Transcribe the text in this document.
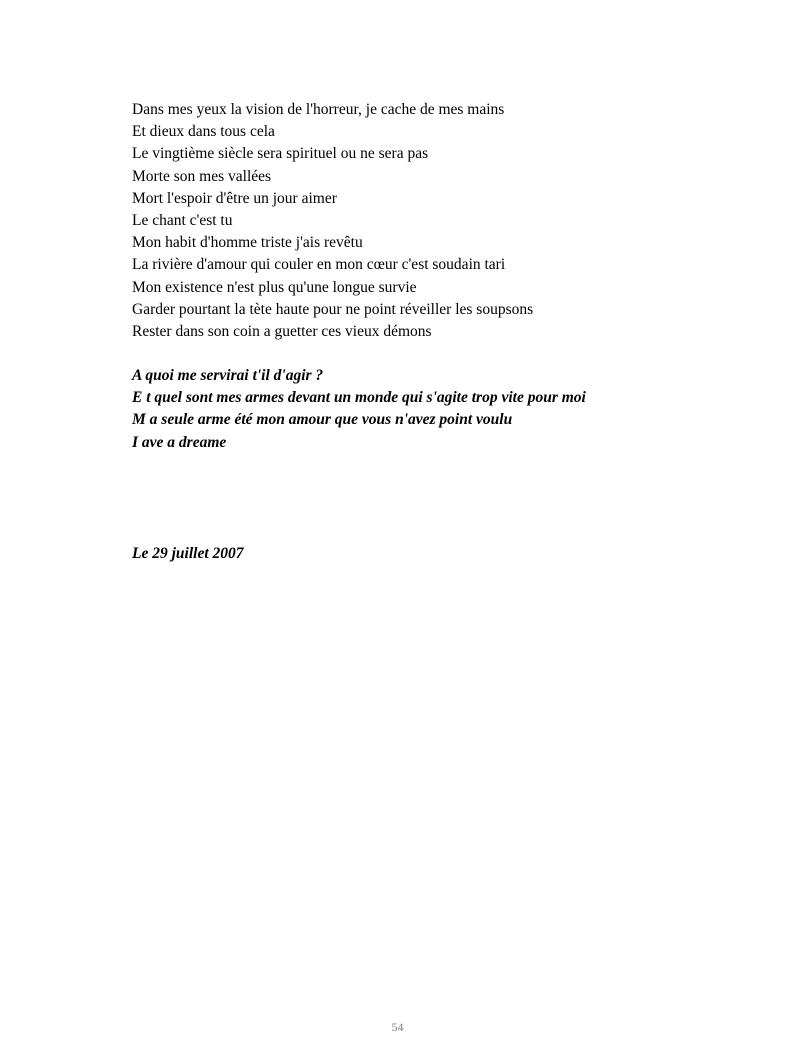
Dans mes yeux la vision de l'horreur, je cache de mes mains
Et dieux dans tous cela
Le vingtième siècle sera spirituel ou ne sera pas
Morte son mes vallées
Mort l'espoir d'être un jour aimer
Le chant c'est tu
Mon habit d'homme triste j'ais revêtu
La rivière d'amour qui couler en mon cœur c'est soudain tari
Mon existence n'est plus qu'une longue survie
Garder pourtant la tète haute pour ne point réveiller les soupsons
Rester dans son coin a guetter ces vieux démons
A quoi me servirai t'il d'agir ?
E t quel sont mes armes devant un monde qui s'agite trop vite pour moi
M a seule arme été mon amour que vous n'avez point voulu
I ave a dreame
Le 29 juillet 2007
54
